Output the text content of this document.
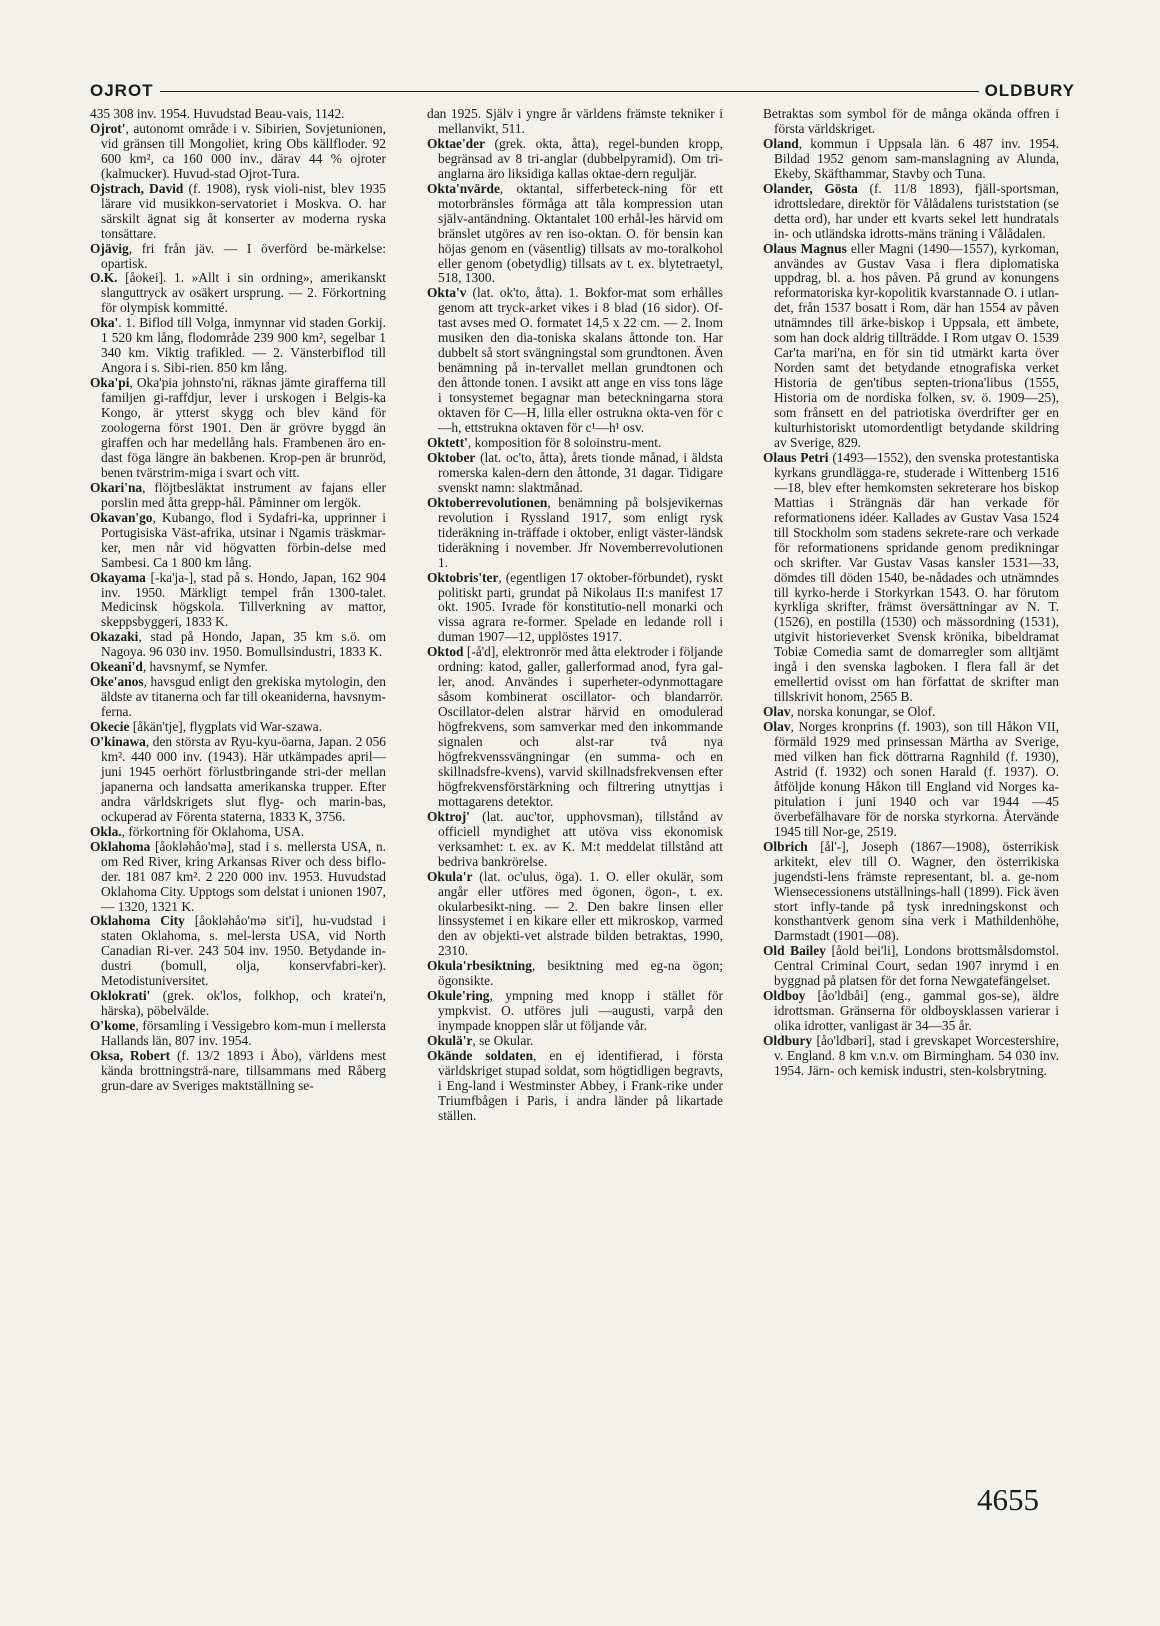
OJROT	OLDBURY

435 308 inv. 1954. Huvudstad Beau-vais, 1142.

Ojrot', autonomt område i v. Sibirien, Sovjetunionen, vid gränsen till Mongoliet, kring Obs källfloder. 92 600 km², ca 160 000 inv., därav 44 % ojroter (kalmucker). Huvud-stad Ojrot-Tura.

Ojstrach, David (f. 1908), rysk violi-nist, blev 1935 lärare vid musikkon-servatoriet i Moskva. O. har särskilt ägnat sig åt konserter av moderna ryska tonsättare.

Ojävig, fri från jäv. — I överförd be-märkelse: opartisk.

O.K. [åokei]. 1. »Allt i sin ordning», amerikanskt slanguttryck av osäkert ursprung. — 2. Förkortning för olympisk kommitté.

Oka'. 1. Biflod till Volga, inmynnar vid staden Gorkij. 1 520 km lång, flodområde 239 900 km², segelbar 1 340 km. Viktig trafikled. — 2. Vänsterbiflod till Angora i s. Sibi-rien. 850 km lång.

Oka'pi, Oka'pia johnsto'ni, räknas jämte girafferna till familjen gi-raffdjur, lever i urskogen i Belgis-ka Kongo, är ytterst skygg och blev känd för zoologerna först 1901. Den är grövre byggd än giraffen och har medellång hals. Frambenen äro en-dast föga längre än bakbenen. Krop-pen är brunröd, benen tvärstrim-miga i svart och vitt.

Okari'na, flöjtbesläktat instrument av fajans eller porslin med åtta grepp-hål. Påminner om lergök.

Okavan'go, Kubango, flod i Sydafri-ka, upprinner i Portugisiska Väst-afrika, utsinar i Ngamis träskmar-ker, men når vid högvatten förbin-delse med Sambesi. Ca 1 800 km lång.

Okayama [-ka'ja-], stad på s. Hondo, Japan, 162 904 inv. 1950. Märkligt tempel från 1300-talet. Medicinsk högskola. Tillverkning av mattor, skeppsbyggeri, 1833 K.

Okazaki, stad på Hondo, Japan, 35 km s.ö. om Nagoya. 96 030 inv. 1950. Bomullsindustri, 1833 K.

Okeani'd, havsnymf, se Nymfer.

Oke'anos, havsgud enligt den grekiska mytologin, den äldste av titanerna och far till okeaniderna, havsnym-ferna.

Okecie [åkän'tje], flygplats vid War-szawa.

O'kinawa, den största av Ryu-kyu-öarna, Japan. 2 056 km². 440 000 inv. (1943). Här utkämpades april—juni 1945 oerhört förlustbringande stri-der mellan japanerna och landsatta amerikanska trupper. Efter andra världskrigets slut flyg- och marin-bas, ockuperad av Förenta staterna, 1833 K, 3756.

Okla., förkortning för Oklahoma, USA.

Oklahoma [åokləhåo'mə], stad i s. mellersta USA, n. om Red River, kring Arkansas River och dess biflo-der. 181 087 km². 2 220 000 inv. 1953. Huvudstad Oklahoma City. Upptogs som delstat i unionen 1907, — 1320, 1321 K.

Oklahoma City [åokləhåo'mə sit'i], hu-vudstad i staten Oklahoma, s. mel-lersta USA, vid North Canadian Ri-ver. 243 504 inv. 1950. Betydande in-dustri (bomull, olja, konservfabri-ker). Metodistuniversitet.

Oklokrati' (grek. ok'los, folkhop, och kratei'n, härska), pöbelvälde.

O'kome, församling i Vessigebro kom-mun i mellersta Hallands län, 807 inv. 1954.

Oksa, Robert (f. 13/2 1893 i Åbo), världens mest kända brottningsträ-nare, tillsammans med Råberg grun-dare av Sveriges maktställning se-

dan 1925. Själv i yngre år världens främste tekniker i mellanvikt, 511.

Oktae'der (grek. okta, åtta), regel-bunden kropp, begränsad av 8 tri-anglar (dubbelpyramid). Om tri-anglarna äro liksidiga kallas oktae-dern reguljär.

Okta'nvärde, oktantal, sifferbeteck-ning för ett motorbränsles förmåga att tåla kompression utan själv-antändning. Oktantalet 100 erhål-les härvid om bränslet utgöres av ren iso-oktan. O. för bensin kan höjas genom en (väsentlig) tillsats av mo-toralkohol eller genom (obetydlig) tillsats av t. ex. blytetraetyl, 518, 1300.

Okta'v (lat. ok'to, åtta). 1. Bokfor-mat som erhålles genom att tryck-arket vikes i 8 blad (16 sidor). Of-tast avses med O. formatet 14,5 x 22 cm. — 2. Inom musiken den dia-toniska skalans åttonde ton. Har dubbelt så stort svängningstal som grundtonen. Även benämning på in-tervallet mellan grundtonen och den åttonde tonen. I avsikt att ange en viss tons läge i tonsystemet begagnar man beteckningarna stora oktaven för C—H, lilla eller ostrukna okta-ven för c—h, ettstrukna oktaven för c¹—h¹ osv.

Oktett', komposition för 8 soloinstru-ment.

Oktober (lat. oc'to, åtta), årets tionde månad, i äldsta romerska kalen-dern den åttonde, 31 dagar. Tidigare svenskt namn: slaktmånad.

Oktoberrevolutionen, benämning på bolsjevikernas revolution i Ryssland 1917, som enligt rysk tideräkning in-träffade i oktober, enligt väster-ländsk tideräkning i november. Jfr Novemberrevolutionen 1.

Oktobris'ter, (egentligen 17 oktober-förbundet), ryskt politiskt parti, grundat på Nikolaus II:s manifest 17 okt. 1905. Ivrade för konstitutio-nell monarki och vissa agrara re-former. Spelade en ledande roll i duman 1907—12, upplöstes 1917.

Oktod [-å'd], elektronrör med åtta elektroder i följande ordning: katod, galler, gallerformad anod, fyra gal-ler, anod. Användes i superheter-odynmottagare såsom kombinerat oscillator- och blandarrör. Oscillator-delen alstrar härvid en omodulerad högfrekvens, som samverkar med den inkommande signalen och alst-rar två nya högfrekvenssvängningar (en summa- och en skillnadsfre-kvens), varvid skillnadsfrekvensen efter högfrekvensförstärkning och filtrering utnyttjas i mottagarens detektor.

Oktroj' (lat. auc'tor, upphovsman), tillstånd av officiell myndighet att utöva viss ekonomisk verksamhet: t. ex. av K. M:t meddelat tillstånd att bedriva bankrörelse.

Okula'r (lat. oc'ulus, öga). 1. O. eller okulär, som angår eller utföres med ögonen, ögon-, t. ex. okularbesikt-ning. — 2. Den bakre linsen eller linssystemet i en kikare eller ett mikroskop, varmed den av objekti-vet alstrade bilden betraktas, 1990, 2310.

Okula'rbesiktning, besiktning med eg-na ögon; ögonsikte.

Okule'ring, ympning med knopp i stället för ympkvist. O. utföres juli —augusti, varpå den inympade knoppen slår ut följande vår.

Okulä'r, se Okular.

Okände soldaten, en ej identifierad, i första världskriget stupad soldat, som högtidligen begravts, i Eng-land i Westminster Abbey, i Frank-rike under Triumfbågen i Paris, i andra länder på likartade ställen.

Betraktas som symbol för de många okända offren i första världskriget.

Oland, kommun i Uppsala län. 6 487 inv. 1954. Bildad 1952 genom sam-manslagning av Alunda, Ekeby, Skäfthammar, Stavby och Tuna.

Olander, Gösta (f. 11/8 1893), fjäll-sportsman, idrottsledare, direktör för Vålådalens turiststation (se detta ord), har under ett kvarts sekel lett hundratals in- och utländska idrotts-mäns träning i Vålådalen.

Olaus Magnus eller Magni (1490—1557), kyrkoman, användes av Gustav Vasa i flera diplomatiska uppdrag, bl. a. hos påven. På grund av konungens reformatoriska kyr-kopolitik kvarstannade O. i utlan-det, från 1537 bosatt i Rom, där han 1554 av påven utnämndes till ärke-biskop i Uppsala, ett ämbete, som han dock aldrig tillträdde. I Rom utgav O. 1539 Car'ta mari'na, en för sin tid utmärkt karta över Norden samt det betydande etnografiska verket Historia de gen'tibus septen-triona'libus (1555, Historia om de nordiska folken, sv. ö. 1909—25), som frånsett en del patriotiska överdrifter ger en kulturhistoriskt utomordentligt betydande skildring av Sverige, 829.

Olaus Petri (1493—1552), den svenska protestantiska kyrkans grundlägga-re, studerade i Wittenberg 1516—18, blev efter hemkomsten sekreterare hos biskop Mattias i Strängnäs där han verkade för reformationens idéer. Kallades av Gustav Vasa 1524 till Stockholm som stadens sekrete-rare och verkade för reformationens spridande genom predikningar och skrifter. Var Gustav Vasas kansler 1531—33, dömdes till döden 1540, be-nådades och utnämndes till kyrko-herde i Storkyrkan 1543. O. har förutom kyrkliga skrifter, främst översättningar av N. T. (1526), en postilla (1530) och mässordning (1531), utgivit historieverket Svensk krönika, bibeldramat Tobiæ Comedia samt de domarregler som alltjämt ingå i den svenska lagboken. I flera fall är det emellertid ovisst om han författat de skrifter man tillskrivit honom, 2565 B.

Olav, norska konungar, se Olof.

Olav, Norges kronprins (f. 1903), son till Håkon VII, förmäld 1929 med prinsessan Märtha av Sverige, med vilken han fick döttrarna Ragnhild (f. 1930), Astrid (f. 1932) och sonen Harald (f. 1937). O. åtföljde konung Håkon till England vid Norges ka-pitulation i juni 1940 och var 1944 —45 överbefälhavare för de norska styrkorna. Återvände 1945 till Nor-ge, 2519.

Olbrich [ål'-], Joseph (1867—1908), österrikisk arkitekt, elev till O. Wagner, den österrikiska jugendsti-lens främste representant, bl. a. ge-nom Wiensecessionens utställnings-hall (1899). Fick även stort infly-tande på tysk inredningskonst och konsthantverk genom sina verk i Mathildenhöhe, Darmstadt (1901—08).

Old Bailey [åold bei'li], Londons brottsmålsdomstol. Central Criminal Court, sedan 1907 inrymd i en byggnad på platsen för det forna Newgatefängelset.

Oldboy [åo'ldbåi] (eng., gammal gos-se), äldre idrottsman. Gränserna för oldboysklassen varierar i olika idrotter, vanligast är 34—35 år.

Oldbury [åo'ldbəri], stad i grevskapet Worcestershire, v. England. 8 km v.n.v. om Birmingham. 54 030 inv. 1954. Järn- och kemisk industri, sten-kolsbrytning.

4655
